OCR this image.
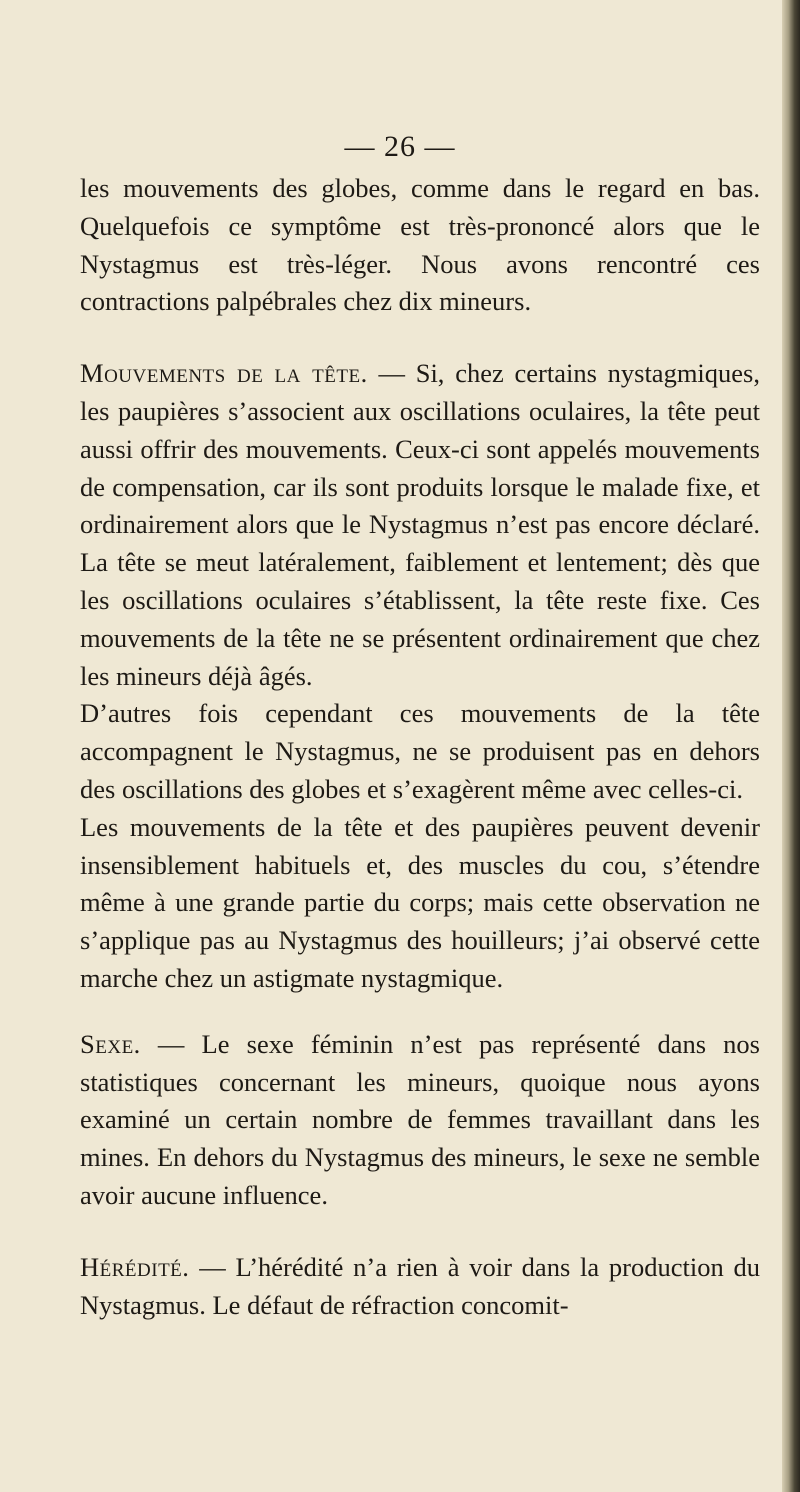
— 26 —

les mouvements des globes, comme dans le regard en bas. Quelquefois ce symptôme est très-prononcé alors que le Nystagmus est très-léger. Nous avons rencontré ces contractions palpébrales chez dix mineurs.

Mouvements de la tête. — Si, chez certains nystagmiques, les paupières s’associent aux oscillations oculaires, la tête peut aussi offrir des mouvements. Ceux-ci sont appelés mouvements de compensation, car ils sont produits lorsque le malade fixe, et ordinairement alors que le Nystagmus n’est pas encore déclaré. La tête se meut latéralement, faiblement et lentement; dès que les oscillations oculaires s’établissent, la tête reste fixe. Ces mouvements de la tête ne se présentent ordinairement que chez les mineurs déjà âgés.

D’autres fois cependant ces mouvements de la tête accompagnent le Nystagmus, ne se produisent pas en dehors des oscillations des globes et s’exagèrent même avec celles-ci.

Les mouvements de la tête et des paupières peuvent devenir insensiblement habituels et, des muscles du cou, s’étendre même à une grande partie du corps; mais cette observation ne s’applique pas au Nystagmus des houilleurs; j’ai observé cette marche chez un astigmate nystagmique.

Sexe. — Le sexe féminin n’est pas représenté dans nos statistiques concernant les mineurs, quoique nous ayons examiné un certain nombre de femmes travaillant dans les mines. En dehors du Nystagmus des mineurs, le sexe ne semble avoir aucune influence.

Hérédité. — L’hérédité n’a rien à voir dans la production du Nystagmus. Le défaut de réfraction concomit-
